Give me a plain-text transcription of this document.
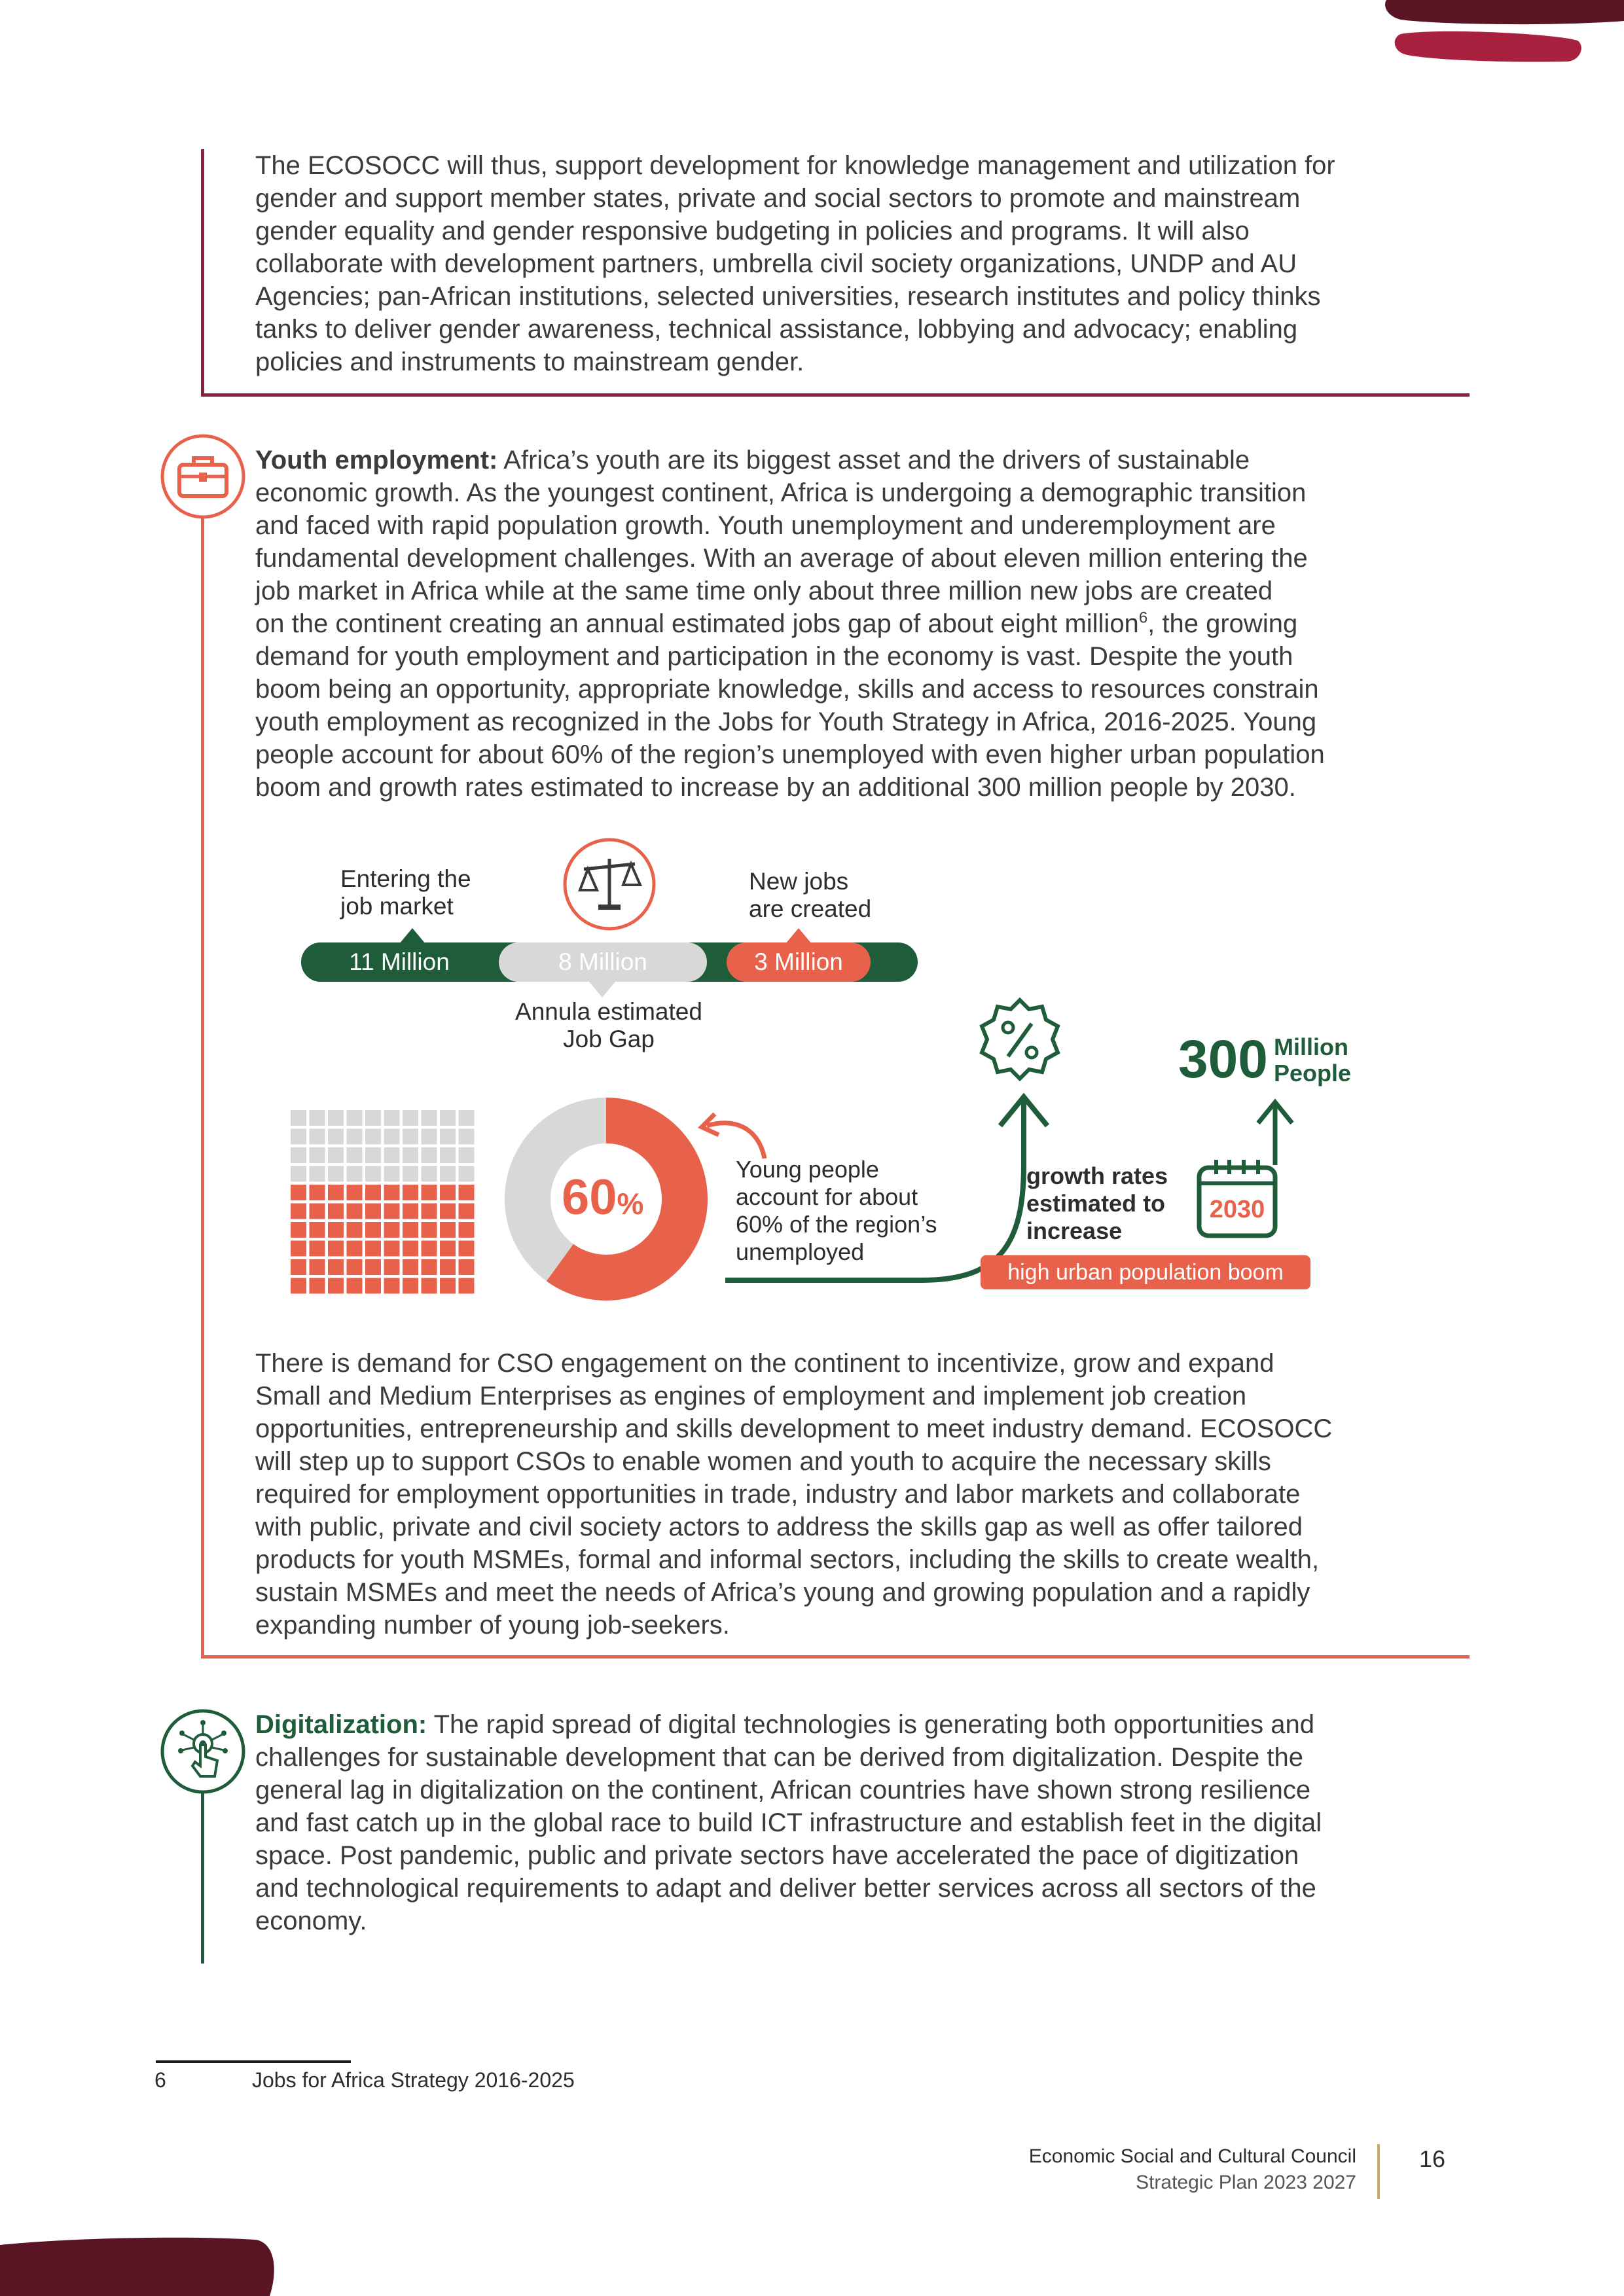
The ECOSOCC will thus, support development for knowledge management and utilization for
gender and support member states, private and social sectors to promote and mainstream
gender equality and gender responsive budgeting in policies and programs. It will also
collaborate with development partners, umbrella civil society organizations, UNDP and AU
Agencies; pan-African institutions, selected universities, research institutes and policy thinks
tanks to deliver gender awareness, technical assistance, lobbying and advocacy; enabling
policies and instruments to mainstream gender.

Youth employment: Africa’s youth are its biggest asset and the drivers of sustainable
economic growth. As the youngest continent, Africa is undergoing a demographic transition
and faced with rapid population growth. Youth unemployment and underemployment are
fundamental development challenges. With an average of about eleven million entering the
job market in Africa while at the same time only about three million new jobs are created
on the continent creating an annual estimated jobs gap of about eight million$^6$, the growing
demand for youth employment and participation in the economy is vast. Despite the youth
boom being an opportunity, appropriate knowledge, skills and access to resources constrain
youth employment as recognized in the Jobs for Youth Strategy in Africa, 2016-2025. Young
people account for about 60% of the region’s unemployed with even higher urban population
boom and growth rates estimated to increase by an additional 300 million people by 2030.

Entering the
job market
New jobs
are created
11 Million	8 Million	3 Million
Annula estimated
Job Gap
60%
Young people
account for about
60% of the region’s
unemployed
growth rates
estimated to
increase
high urban population boom
300 Million
People
2030

There is demand for CSO engagement on the continent to incentivize, grow and expand
Small and Medium Enterprises as engines of employment and implement job creation
opportunities, entrepreneurship and skills development to meet industry demand. ECOSOCC
will step up to support CSOs to enable women and youth to acquire the necessary skills
required for employment opportunities in trade, industry and labor markets and collaborate
with public, private and civil society actors to address the skills gap as well as offer tailored
products for youth MSMEs, formal and informal sectors, including the skills to create wealth,
sustain MSMEs and meet the needs of Africa’s young and growing population and a rapidly
expanding number of young job-seekers.

Digitalization: The rapid spread of digital technologies is generating both opportunities and
challenges for sustainable development that can be derived from digitalization. Despite the
general lag in digitalization on the continent, African countries have shown strong resilience
and fast catch up in the global race to build ICT infrastructure and establish feet in the digital
space. Post pandemic, public and private sectors have accelerated the pace of digitization
and technological requirements to adapt and deliver better services across all sectors of the
economy.

6	Jobs for Africa Strategy 2016-2025
Economic Social and Cultural Council
Strategic Plan 2023 2027
16
